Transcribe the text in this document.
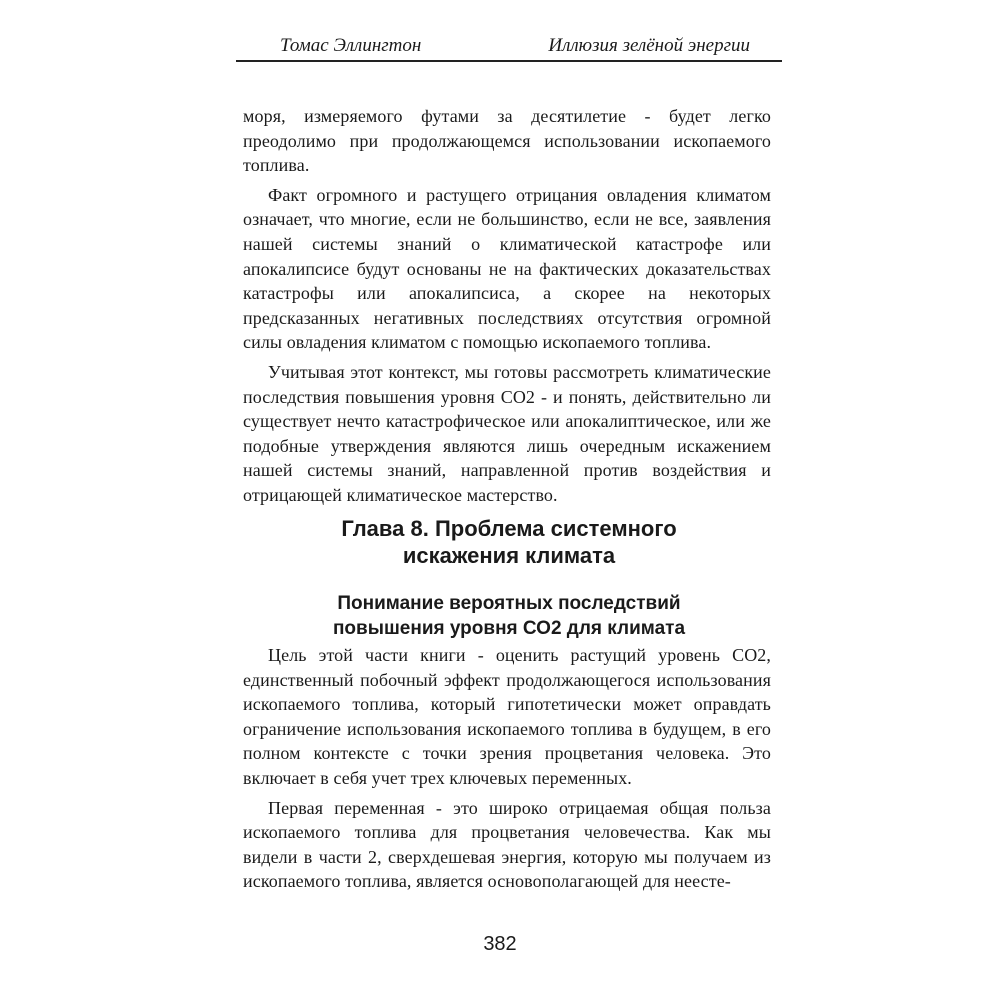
Томас Эллингтон	Иллюзия зелёной энергии

моря, измеряемого футами за десятилетие - будет легко преодолимо при продолжающемся использовании ископаемого топлива.

Факт огромного и растущего отрицания овладения климатом означает, что многие, если не большинство, если не все, заявления нашей системы знаний о климатической катастрофе или апокалипсисе будут основаны не на фактических доказательствах катастрофы или апокалипсиса, а скорее на некоторых предсказанных негативных последствиях отсутствия огромной силы овладения климатом с помощью ископаемого топлива.

Учитывая этот контекст, мы готовы рассмотреть климатические последствия повышения уровня СО2 - и понять, действительно ли существует нечто катастрофическое или апокалиптическое, или же подобные утверждения являются лишь очередным искажением нашей системы знаний, направленной против воздействия и отрицающей климатическое мастерство.

Глава 8. Проблема системного
искажения климата
Понимание вероятных последствий
повышения уровня СО2 для климата

Цель этой части книги - оценить растущий уровень СО2, единственный побочный эффект продолжающегося использования ископаемого топлива, который гипотетически может оправдать ограничение использования ископаемого топлива в будущем, в его полном контексте с точки зрения процветания человека. Это включает в себя учет трех ключевых переменных.

Первая переменная - это широко отрицаемая общая польза ископаемого топлива для процветания человечества. Как мы видели в части 2, сверхдешевая энергия, которую мы получаем из ископаемого топлива, является основополагающей для неесте-

382
